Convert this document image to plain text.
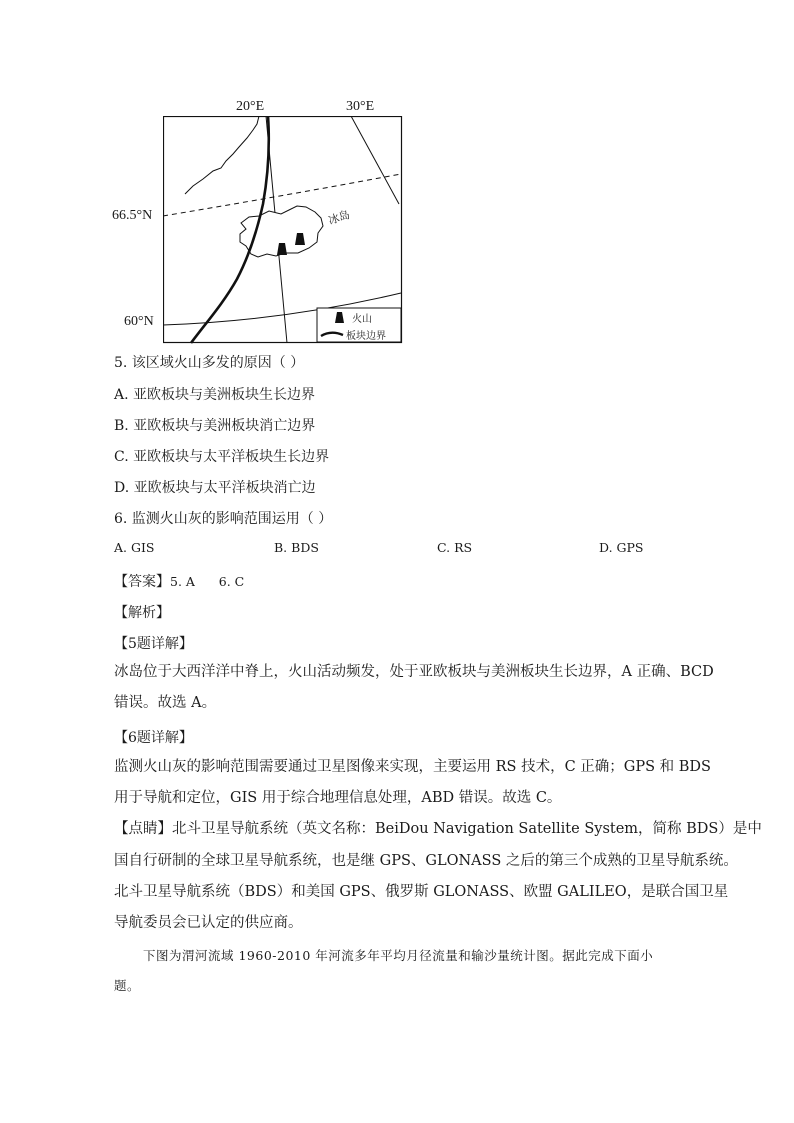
20°E	30°E
66.5°N
60°N
冰岛
火山
板块边界
5. 该区域火山多发的原因（ ）
A. 亚欧板块与美洲板块生长边界
B. 亚欧板块与美洲板块消亡边界
C. 亚欧板块与太平洋板块生长边界
D. 亚欧板块与太平洋板块消亡边
6. 监测火山灰的影响范围运用（ ）
A. GIS	B. BDS	C. RS	D. GPS
【答案】5. A      6. C
【解析】
【5题详解】
冰岛位于大西洋洋中脊上，火山活动频发，处于亚欧板块与美洲板块生长边界，A 正确、BCD
错误。故选 A。
【6题详解】
监测火山灰的影响范围需要通过卫星图像来实现，主要运用 RS 技术，C 正确；GPS 和 BDS
用于导航和定位，GIS 用于综合地理信息处理，ABD 错误。故选 C。
【点睛】北斗卫星导航系统（英文名称：BeiDou Navigation Satellite System，简称 BDS）是中
国自行研制的全球卫星导航系统，也是继 GPS、GLONASS 之后的第三个成熟的卫星导航系统。
北斗卫星导航系统（BDS）和美国 GPS、俄罗斯 GLONASS、欧盟 GALILEO，是联合国卫星
导航委员会已认定的供应商。
下图为渭河流域 1960-2010 年河流多年平均月径流量和输沙量统计图。据此完成下面小
题。
